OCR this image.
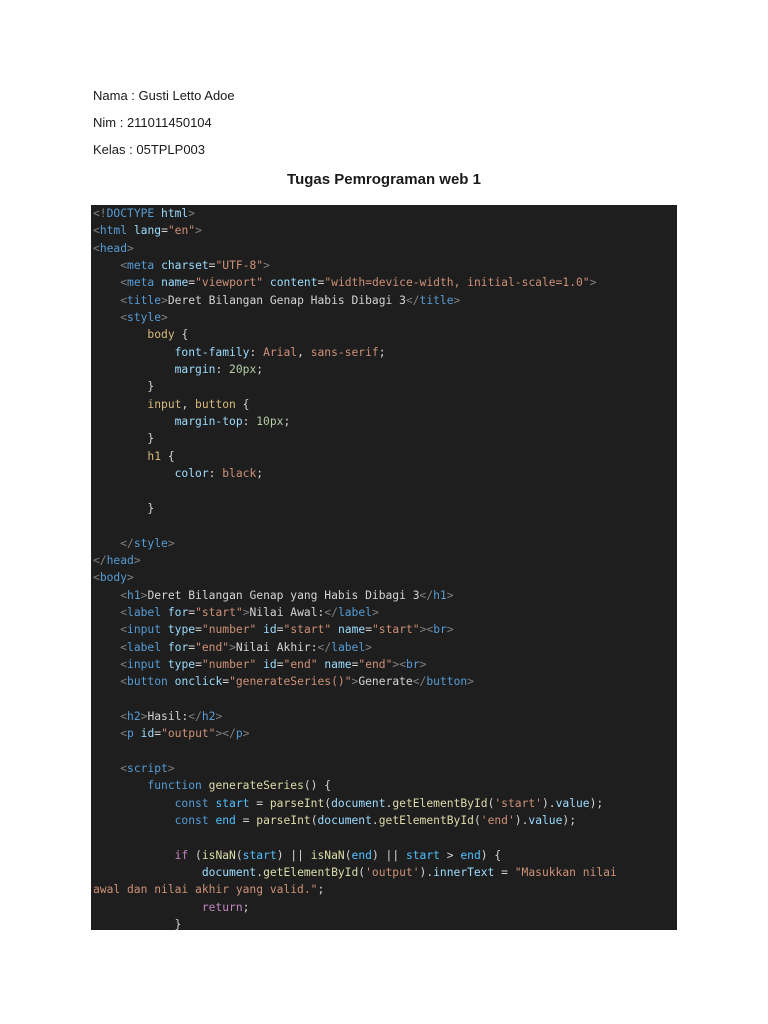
Nama : Gusti Letto Adoe
Nim : 211011450104
Kelas : 05TPLP003
Tugas Pemrograman web 1
<!DOCTYPE html>
<html lang="en">
<head>
<meta charset="UTF-8">
<meta name="viewport" content="width=device-width, initial-scale=1.0">
<title>Deret Bilangan Genap Habis Dibagi 3</title>
<style>
body {
font-family: Arial, sans-serif;
margin: 20px;
}
input, button {
margin-top: 10px;
}
h1 {
color: black;
}
</style>
</head>
<body>
<h1>Deret Bilangan Genap yang Habis Dibagi 3</h1>
<label for="start">Nilai Awal:</label>
<input type="number" id="start" name="start"><br>
<label for="end">Nilai Akhir:</label>
<input type="number" id="end" name="end"><br>
<button onclick="generateSeries()">Generate</button>
<h2>Hasil:</h2>
<p id="output"></p>
<script>
function generateSeries() {
const start = parseInt(document.getElementById('start').value);
const end = parseInt(document.getElementById('end').value);
if (isNaN(start) || isNaN(end) || start > end) {
document.getElementById('output').innerText = "Masukkan nilai
awal dan nilai akhir yang valid.";
return;
}
